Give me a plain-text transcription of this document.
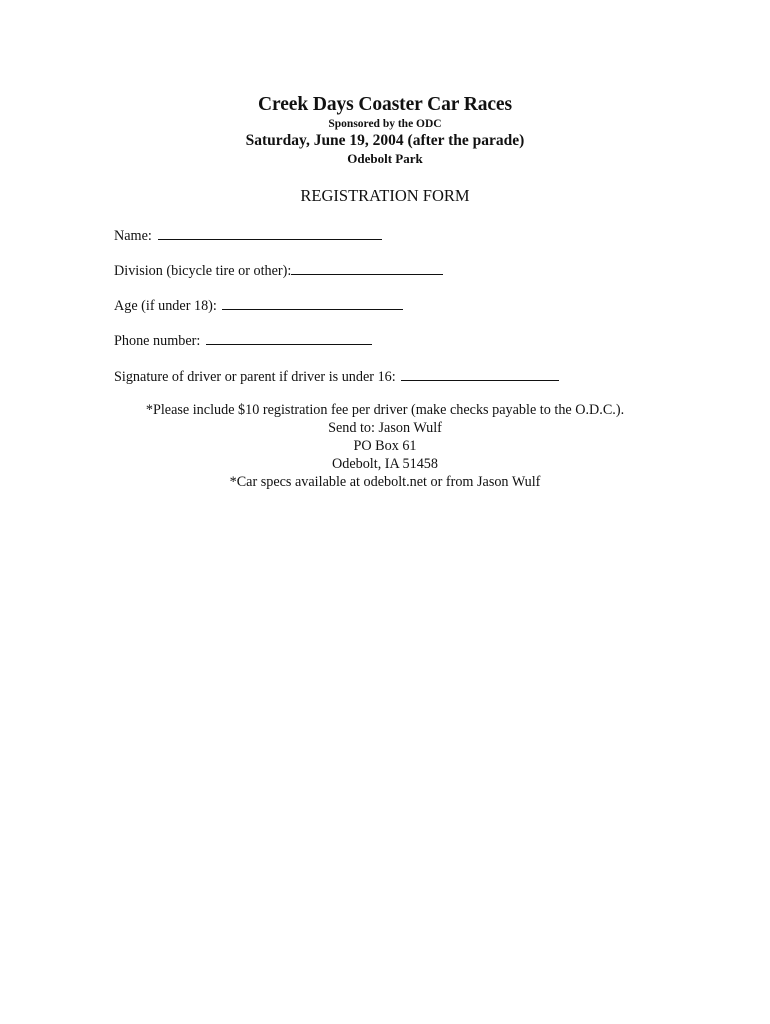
Creek Days Coaster Car Races
Sponsored by the ODC
Saturday, June 19, 2004 (after the parade)
Odebolt Park
REGISTRATION FORM
Name:
Division (bicycle tire or other):
Age (if under 18):
Phone number:
Signature of driver or parent if driver is under 16:
*Please include $10 registration fee per driver (make checks payable to the O.D.C.).
Send to: Jason Wulf
PO Box 61
Odebolt, IA 51458
*Car specs available at odebolt.net or from Jason Wulf
